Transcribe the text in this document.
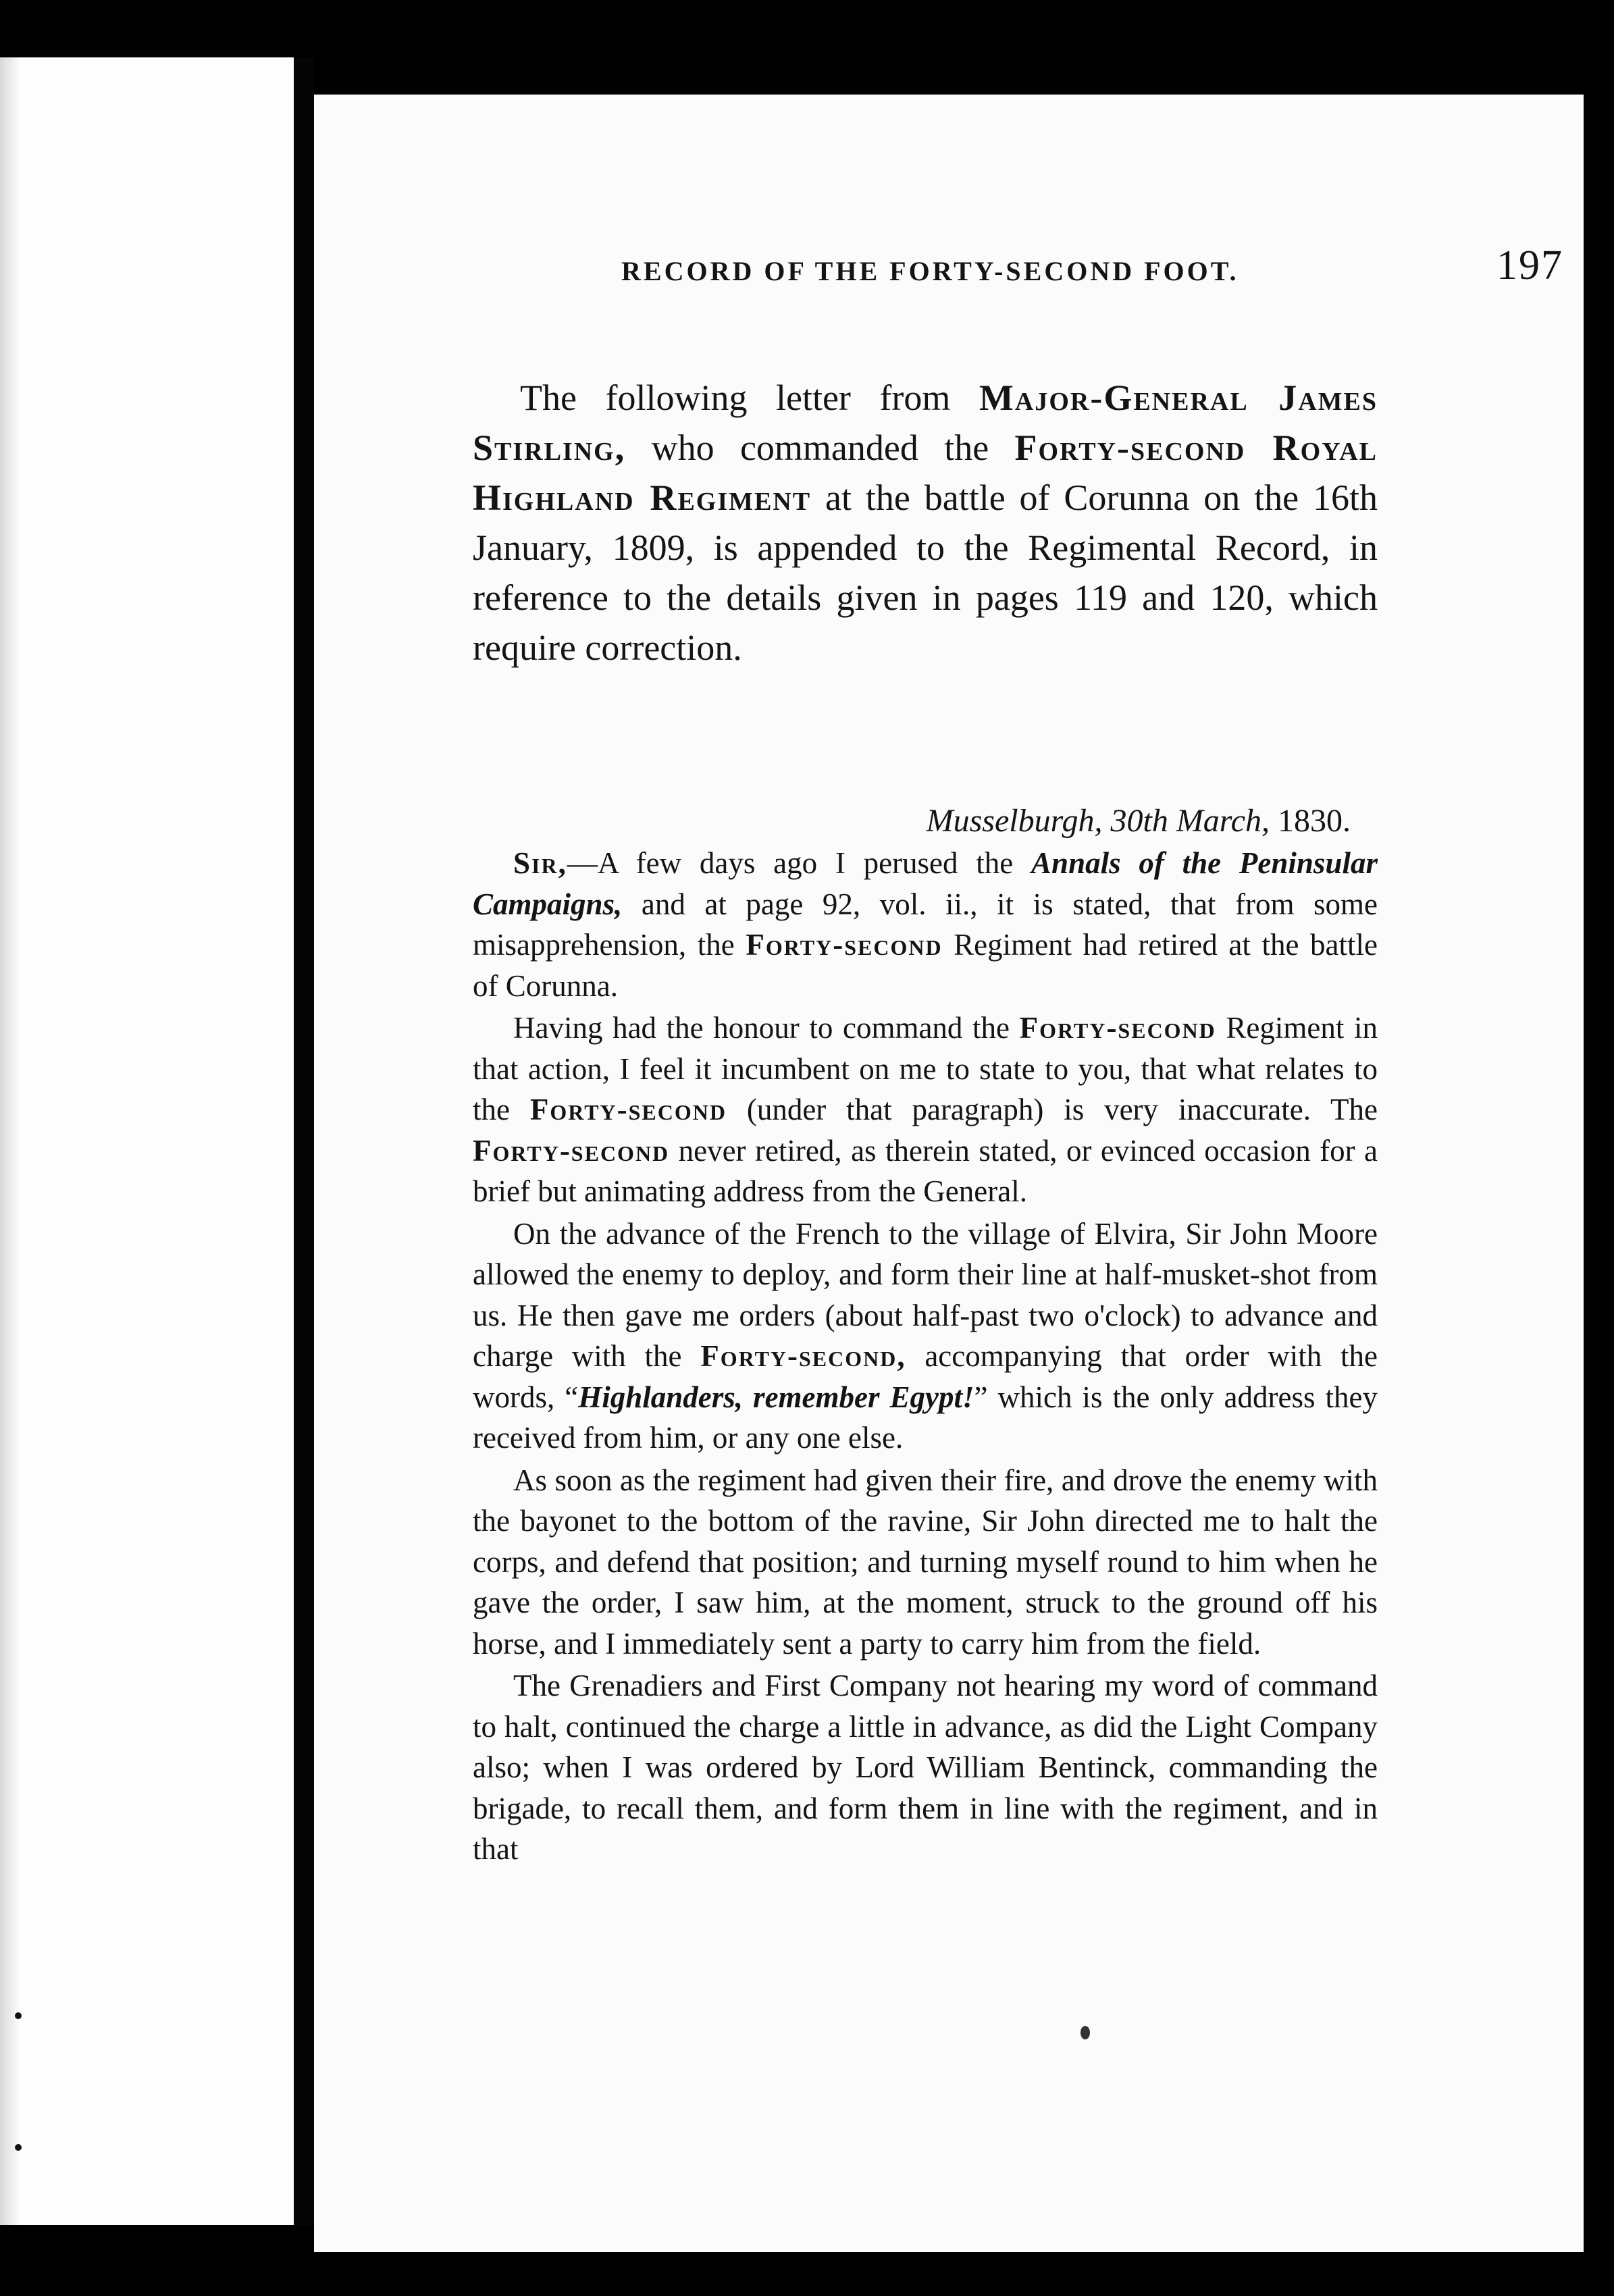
RECORD OF THE FORTY-SECOND FOOT.	197

The following letter from Major-General James Stirling, who commanded the Forty-second Royal Highland Regiment at the battle of Corunna on the 16th January, 1809, is appended to the Regimental Record, in reference to the details given in pages 119 and 120, which require correction.

Musselburgh, 30th March, 1830.

Sir,—A few days ago I perused the Annals of the Peninsular Campaigns, and at page 92, vol. ii., it is stated, that from some misapprehension, the Forty-second Regiment had retired at the battle of Corunna.

Having had the honour to command the Forty-second Regiment in that action, I feel it incumbent on me to state to you, that what relates to the Forty-second (under that paragraph) is very inaccurate. The Forty-second never retired, as therein stated, or evinced occasion for a brief but animating address from the General.

On the advance of the French to the village of Elvira, Sir John Moore allowed the enemy to deploy, and form their line at half-musket-shot from us. He then gave me orders (about half-past two o'clock) to advance and charge with the Forty-second, accompanying that order with the words, “Highlanders, remember Egypt!” which is the only address they received from him, or any one else.

As soon as the regiment had given their fire, and drove the enemy with the bayonet to the bottom of the ravine, Sir John directed me to halt the corps, and defend that position; and turning myself round to him when he gave the order, I saw him, at the moment, struck to the ground off his horse, and I immediately sent a party to carry him from the field.

The Grenadiers and First Company not hearing my word of command to halt, continued the charge a little in advance, as did the Light Company also; when I was ordered by Lord William Bentinck, commanding the brigade, to recall them, and form them in line with the regiment, and in that
